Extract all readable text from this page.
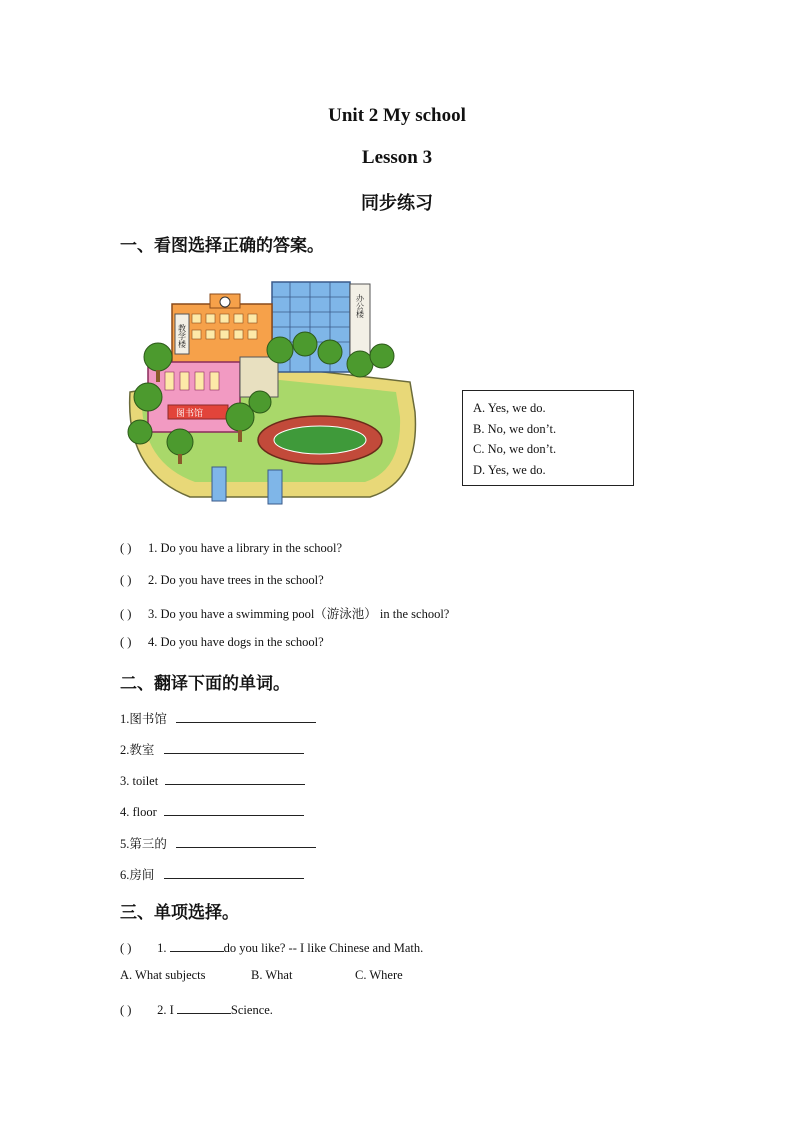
Unit 2 My school
Lesson 3
同步练习
一、看图选择正确的答案。
教学楼
办公楼
图书馆	A. Yes, we do.
B. No, we don’t.
C. No, we don’t.
D. Yes, we do.
( ) 1. Do you have a library in the school?
( ) 2. Do you have trees in the school?
( ) 3. Do you have a swimming pool（游泳池） in the school?
( ) 4. Do you have dogs in the school?
二、翻译下面的单词。
1.图书馆
2.教室
3. toilet
4. floor
5.第三的
6.房间
三、单项选择。
( ) 1.	do you like? -- I like Chinese and Math.
A. What subjects	B. What	C. Where
( ) 2. I	Science.
